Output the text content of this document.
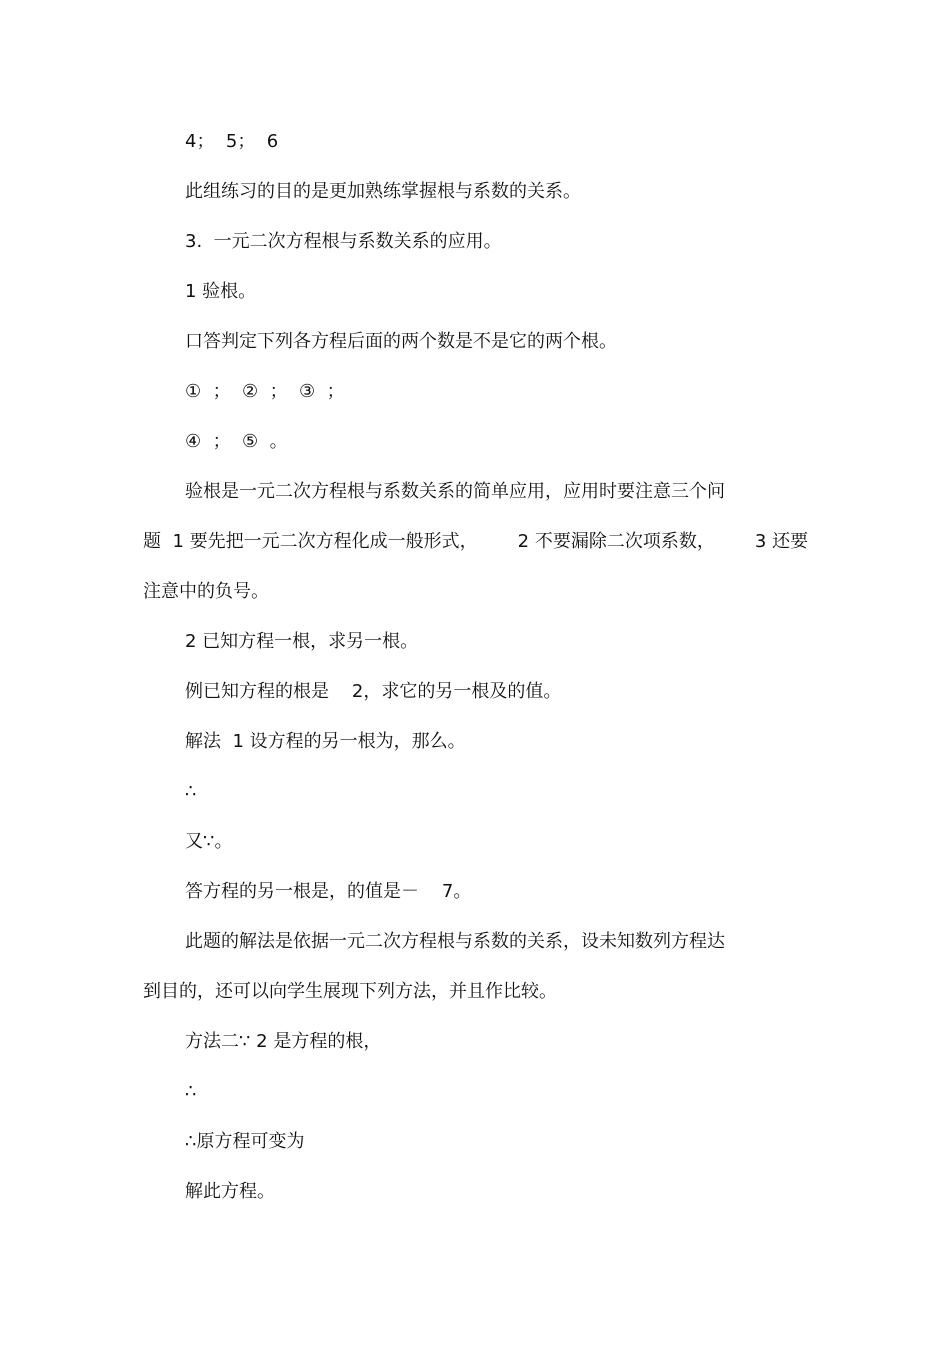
4；  5；  6
此组练习的目的是更加熟练掌握根与系数的关系。
3.  一元二次方程根与系数关系的应用。
1 验根。
口答判定下列各方程后面的两个数是不是它的两个根。
①  ；  ②  ；  ③  ；
④  ；  ⑤  。
验根是一元二次方程根与系数关系的简单应用，应用时要注意三个问
题  1 要先把一元二次方程化成一般形式，       2 不要漏除二次项系数，       3 还要
注意中的负号。
2 已知方程一根，求另一根。
例已知方程的根是    2，求它的另一根及的值。
解法  1 设方程的另一根为，那么。
∴
又∵。
答方程的另一根是，的值是－    7。
此题的解法是依据一元二次方程根与系数的关系，设未知数列方程达
到目的，还可以向学生展现下列方法，并且作比较。
方法二∵ 2 是方程的根，
∴
∴原方程可变为
解此方程。
